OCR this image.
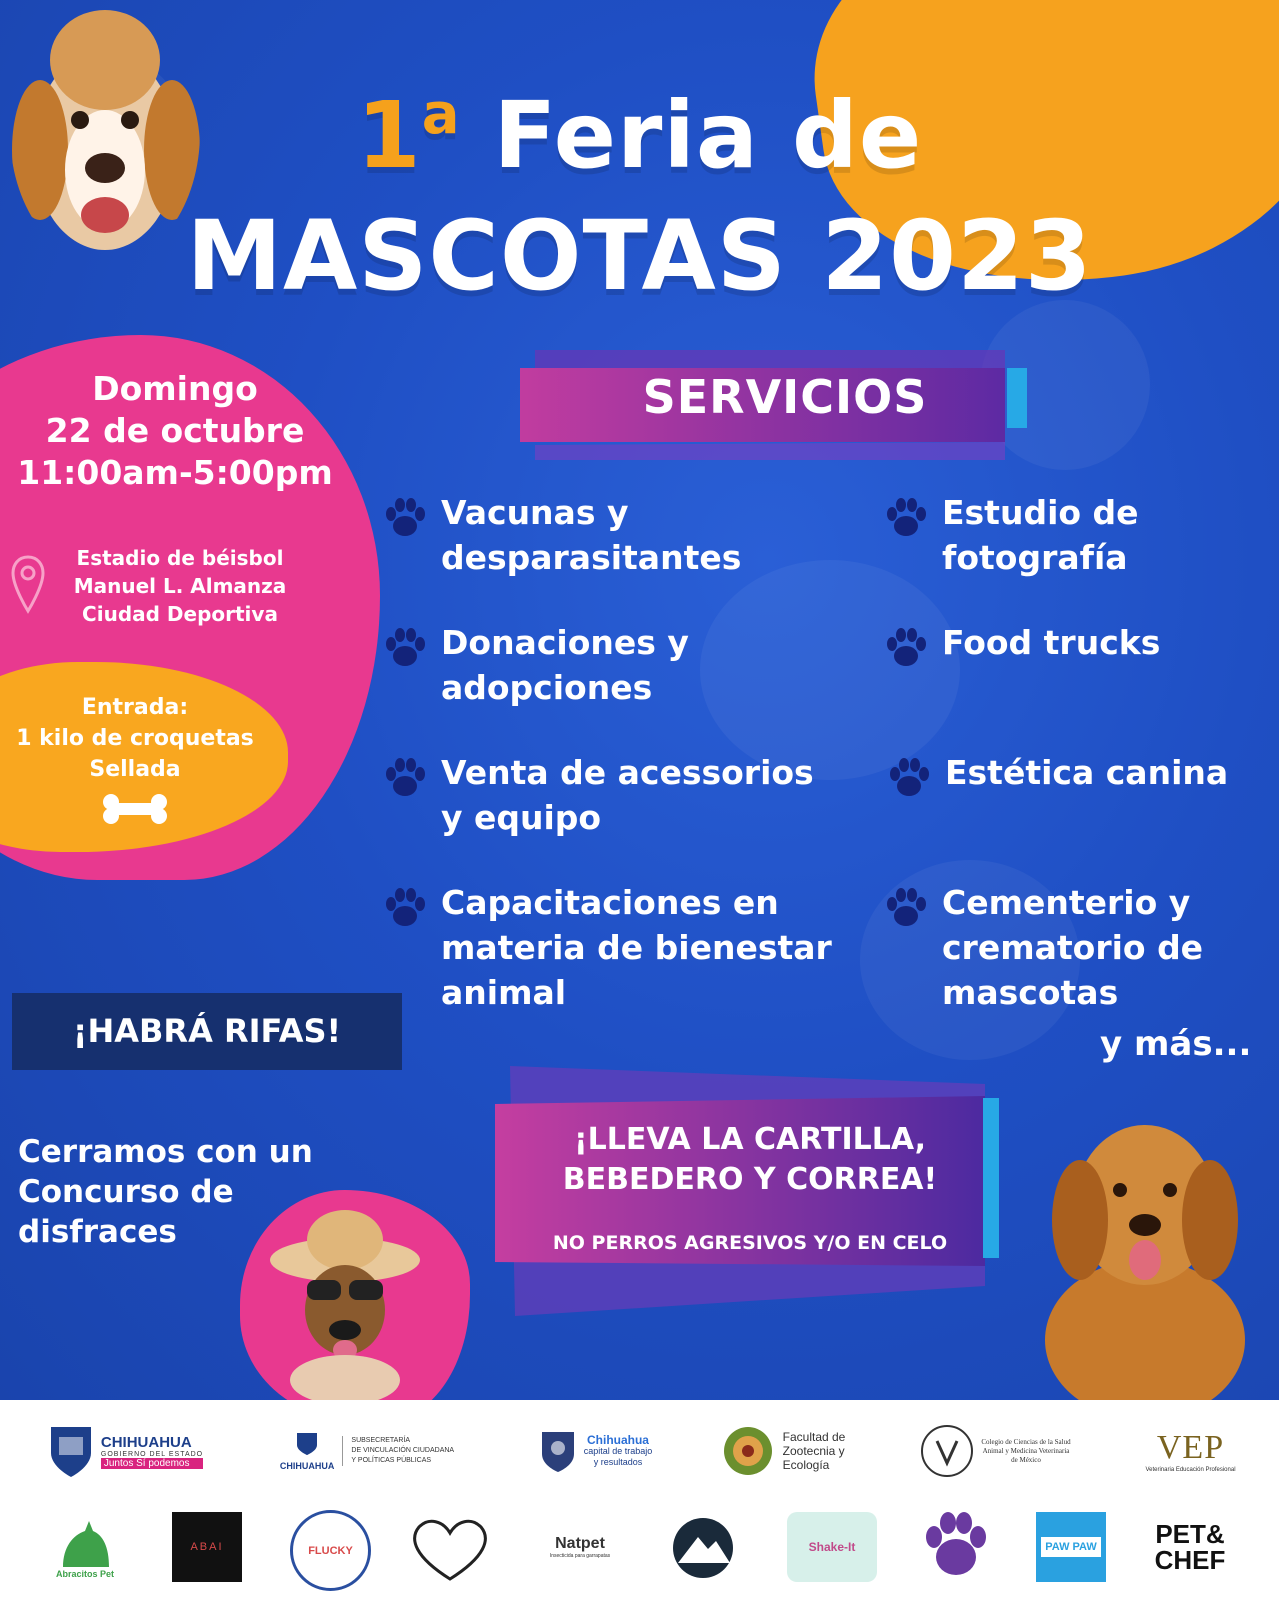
1$^a$ Feria de
MASCOTAS 2023
Domingo
22 de octubre
11:00am-5:00pm
Estadio de béisbol
Manuel L. Almanza
Ciudad Deportiva
Entrada:
1 kilo de croquetas
Sellada
SERVICIOS
Vacunas y
desparasitantes
Estudio de
fotografía
Donaciones y
adopciones
Food trucks
Venta de acessorios
y equipo
Estética canina
Capacitaciones en
materia de bienestar
animal
Cementerio y
crematorio de
mascotas
y más...
¡HABRÁ RIFAS!
¡LLEVA LA CARTILLA,
BEBEDERO Y CORREA!
NO PERROS AGRESIVOS Y/O EN CELO
Cerramos con un
Concurso de
disfraces
CHIHUAHUA
GOBIERNO DEL ESTADO
Juntos Sí podemos	CHIHUAHUA
SUBSECRETARÍA
DE VINCULACIÓN CIUDADANA
Y POLÍTICAS PÚBLICAS
Chihuahua
capital de trabajo
y resultados
Facultad de
Zootecnia y
Ecología
Colegio de Ciencias de la Salud
Animal y Medicina Veterinaria
de México	VEP
Veterinaria Educación Profesional
Abracitos Pet
ABAI	FLUCKY	Natpet
Insecticida para garrapatas
Shake-It	PAW PAW PET&
CHEF
